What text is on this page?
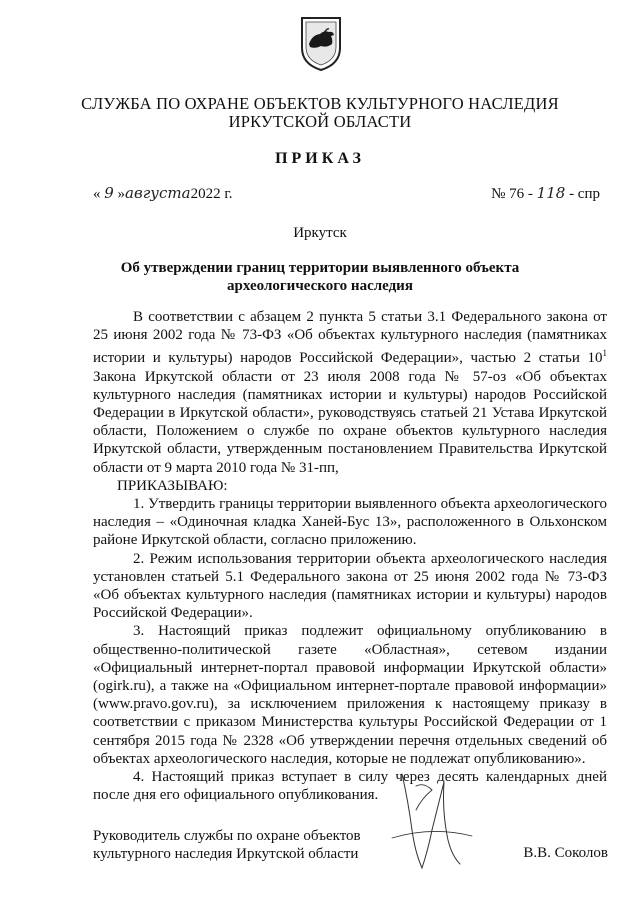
СЛУЖБА ПО ОХРАНЕ ОБЪЕКТОВ КУЛЬТУРНОГО НАСЛЕДИЯ
ИРКУТСКОЙ ОБЛАСТИ
ПРИКАЗ
« 9 »августа2022 г.	№ 76 - 118 - спр
Иркутск
Об утверждении границ территории выявленного объекта
археологического наследия

В соответствии с абзацем 2 пункта 5 статьи 3.1 Федерального закона от 25 июня 2002 года № 73-ФЗ «Об объектах культурного наследия (памятниках истории и культуры) народов Российской Федерации», частью 2 статьи $10^1$ Закона Иркутской области от 23 июля 2008 года № 57-оз «Об объектах культурного наследия (памятниках истории и культуры) народов Российской Федерации в Иркутской области», руководствуясь статьей 21 Устава Иркутской области, Положением о службе по охране объектов культурного наследия Иркутской области, утвержденным постановлением Правительства Иркутской области от 9 марта 2010 года № 31-пп,

ПРИКАЗЫВАЮ:

1. Утвердить границы территории выявленного объекта археологического наследия – «Одиночная кладка Ханей-Бус 13», расположенного в Ольхонском районе Иркутской области, согласно приложению.

2. Режим использования территории объекта археологического наследия установлен статьей 5.1 Федерального закона от 25 июня 2002 года № 73-ФЗ «Об объектах культурного наследия (памятниках истории и культуры) народов Российской Федерации».

3. Настоящий приказ подлежит официальному опубликованию в общественно-политической газете «Областная», сетевом издании «Официальный интернет-портал правовой информации Иркутской области» (ogirk.ru), а также на «Официальном интернет-портале правовой информации» (www.pravo.gov.ru), за исключением приложения к настоящему приказу в соответствии с приказом Министерства культуры Российской Федерации от 1 сентября 2015 года № 2328 «Об утверждении перечня отдельных сведений об объектах археологического наследия, которые не подлежат опубликованию».

4. Настоящий приказ вступает в силу через десять календарных дней после дня его официального опубликования.

Руководитель службы по охране объектов
культурного наследия Иркутской области	В.В. Соколов
